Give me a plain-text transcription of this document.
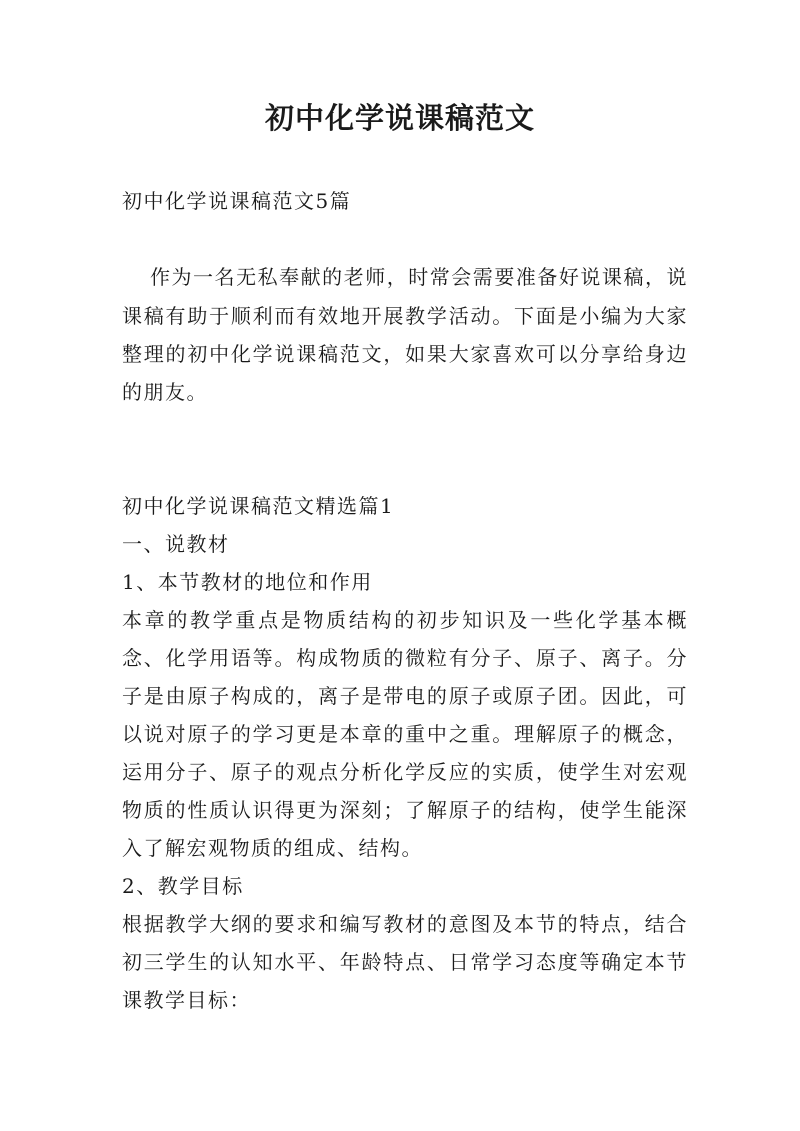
初中化学说课稿范文
初中化学说课稿范文5篇
作为一名无私奉献的老师，时常会需要准备好说课稿，说
课稿有助于顺利而有效地开展教学活动。下面是小编为大家
整理的初中化学说课稿范文，如果大家喜欢可以分享给身边
的朋友。
初中化学说课稿范文精选篇1
一、说教材
1、本节教材的地位和作用
本章的教学重点是物质结构的初步知识及一些化学基本概
念、化学用语等。构成物质的微粒有分子、原子、离子。分
子是由原子构成的，离子是带电的原子或原子团。因此，可
以说对原子的学习更是本章的重中之重。理解原子的概念，
运用分子、原子的观点分析化学反应的实质，使学生对宏观
物质的性质认识得更为深刻；了解原子的结构，使学生能深
入了解宏观物质的组成、结构。
2、教学目标
根据教学大纲的要求和编写教材的意图及本节的特点，结合
初三学生的认知水平、年龄特点、日常学习态度等确定本节
课教学目标：
